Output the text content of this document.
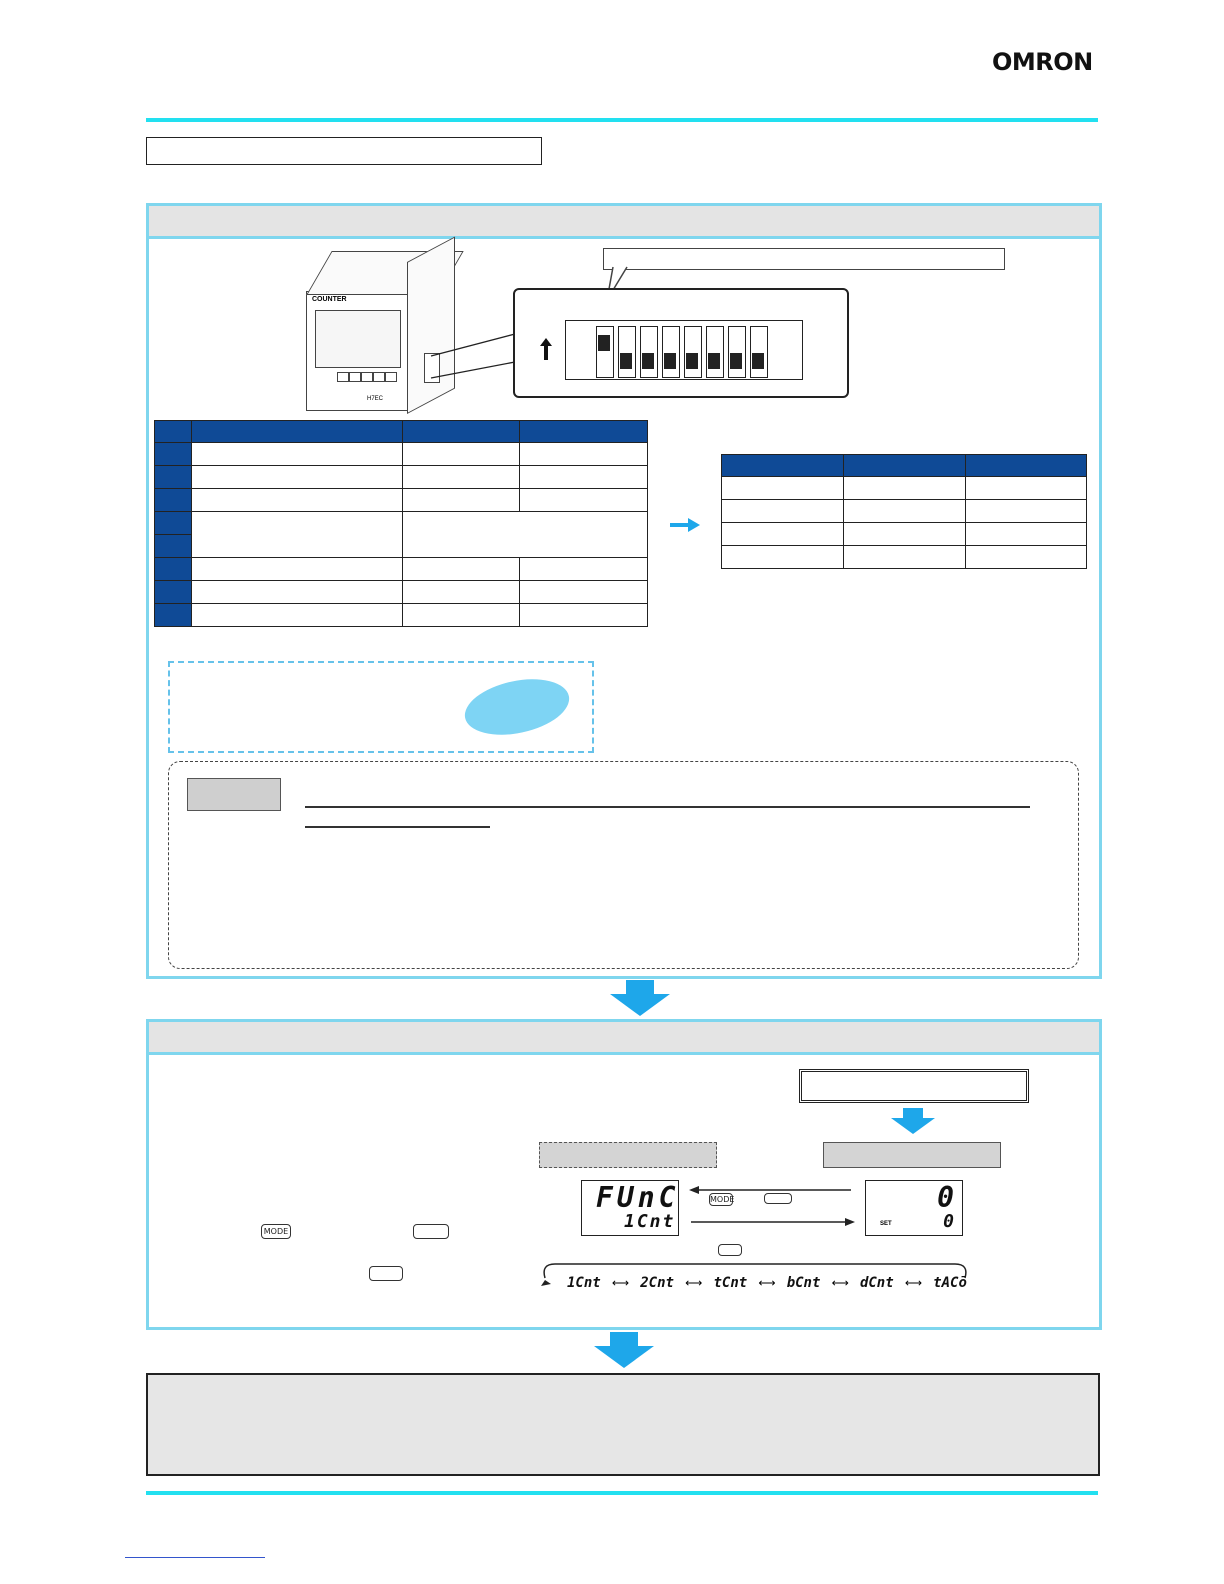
OMRON
COUNTER
H7EC

FUnC
1Cnt
MODE	0
SET	0
1Cnt ⟷ 2Cnt ⟷ tCnt ⟷ bCnt ⟷ dCnt ⟷ tACō
MODE
